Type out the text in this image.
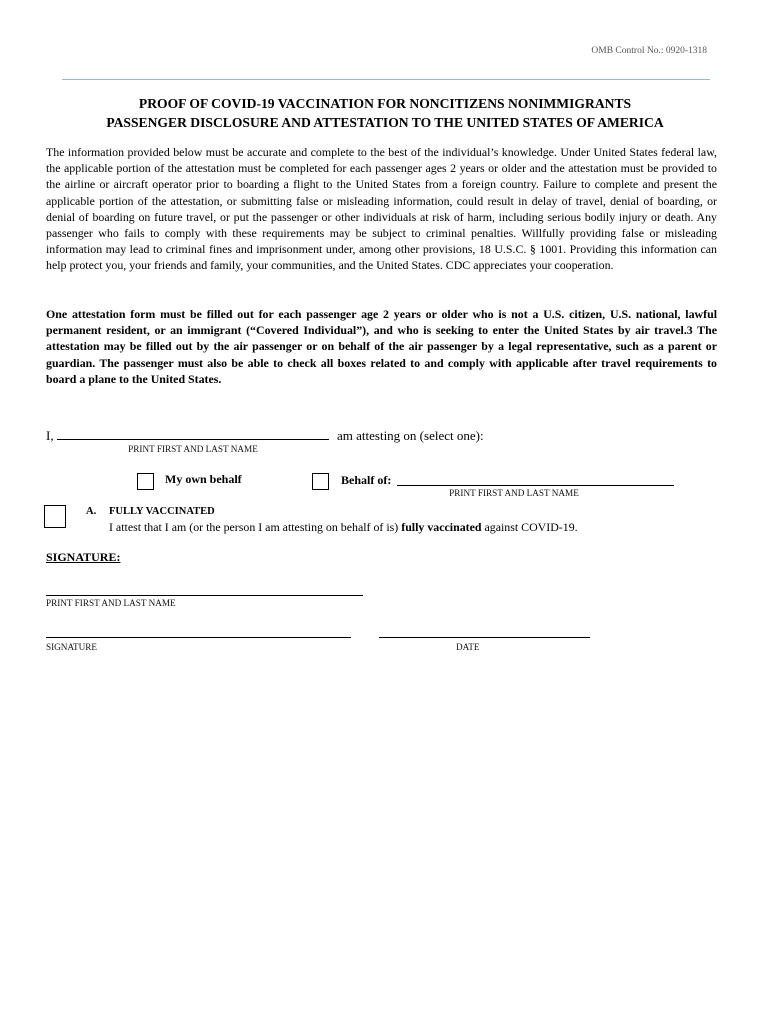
OMB Control No.: 0920-1318
PROOF OF COVID-19 VACCINATION FOR NONCITIZENS NONIMMIGRANTS
PASSENGER DISCLOSURE AND ATTESTATION TO THE UNITED STATES OF AMERICA
The information provided below must be accurate and complete to the best of the individual’s knowledge. Under United States federal law, the applicable portion of the attestation must be completed for each passenger ages 2 years or older and the attestation must be provided to the airline or aircraft operator prior to boarding a flight to the United States from a foreign country. Failure to complete and present the applicable portion of the attestation, or submitting false or misleading information, could result in delay of travel, denial of boarding, or denial of boarding on future travel, or put the passenger or other individuals at risk of harm, including serious bodily injury or death. Any passenger who fails to comply with these requirements may be subject to criminal penalties. Willfully providing false or misleading information may lead to criminal fines and imprisonment under, among other provisions, 18 U.S.C. § 1001. Providing this information can help protect you, your friends and family, your communities, and the United States. CDC appreciates your cooperation.
One attestation form must be filled out for each passenger age 2 years or older who is not a U.S. citizen, U.S. national, lawful permanent resident, or an immigrant (“Covered Individual”), and who is seeking to enter the United States by air travel.3 The attestation may be filled out by the air passenger or on behalf of the air passenger by a legal representative, such as a parent or guardian. The passenger must also be able to check all boxes related to and comply with applicable after travel requirements to board a plane to the United States.
I,
PRINT FIRST AND LAST NAME
am attesting on (select one):
My own behalf	Behalf of:
PRINT FIRST AND LAST NAME
A. FULLY VACCINATED
I attest that I am (or the person I am attesting on behalf of is) fully vaccinated against COVID-19.
SIGNATURE:
PRINT FIRST AND LAST NAME
SIGNATURE	DATE
